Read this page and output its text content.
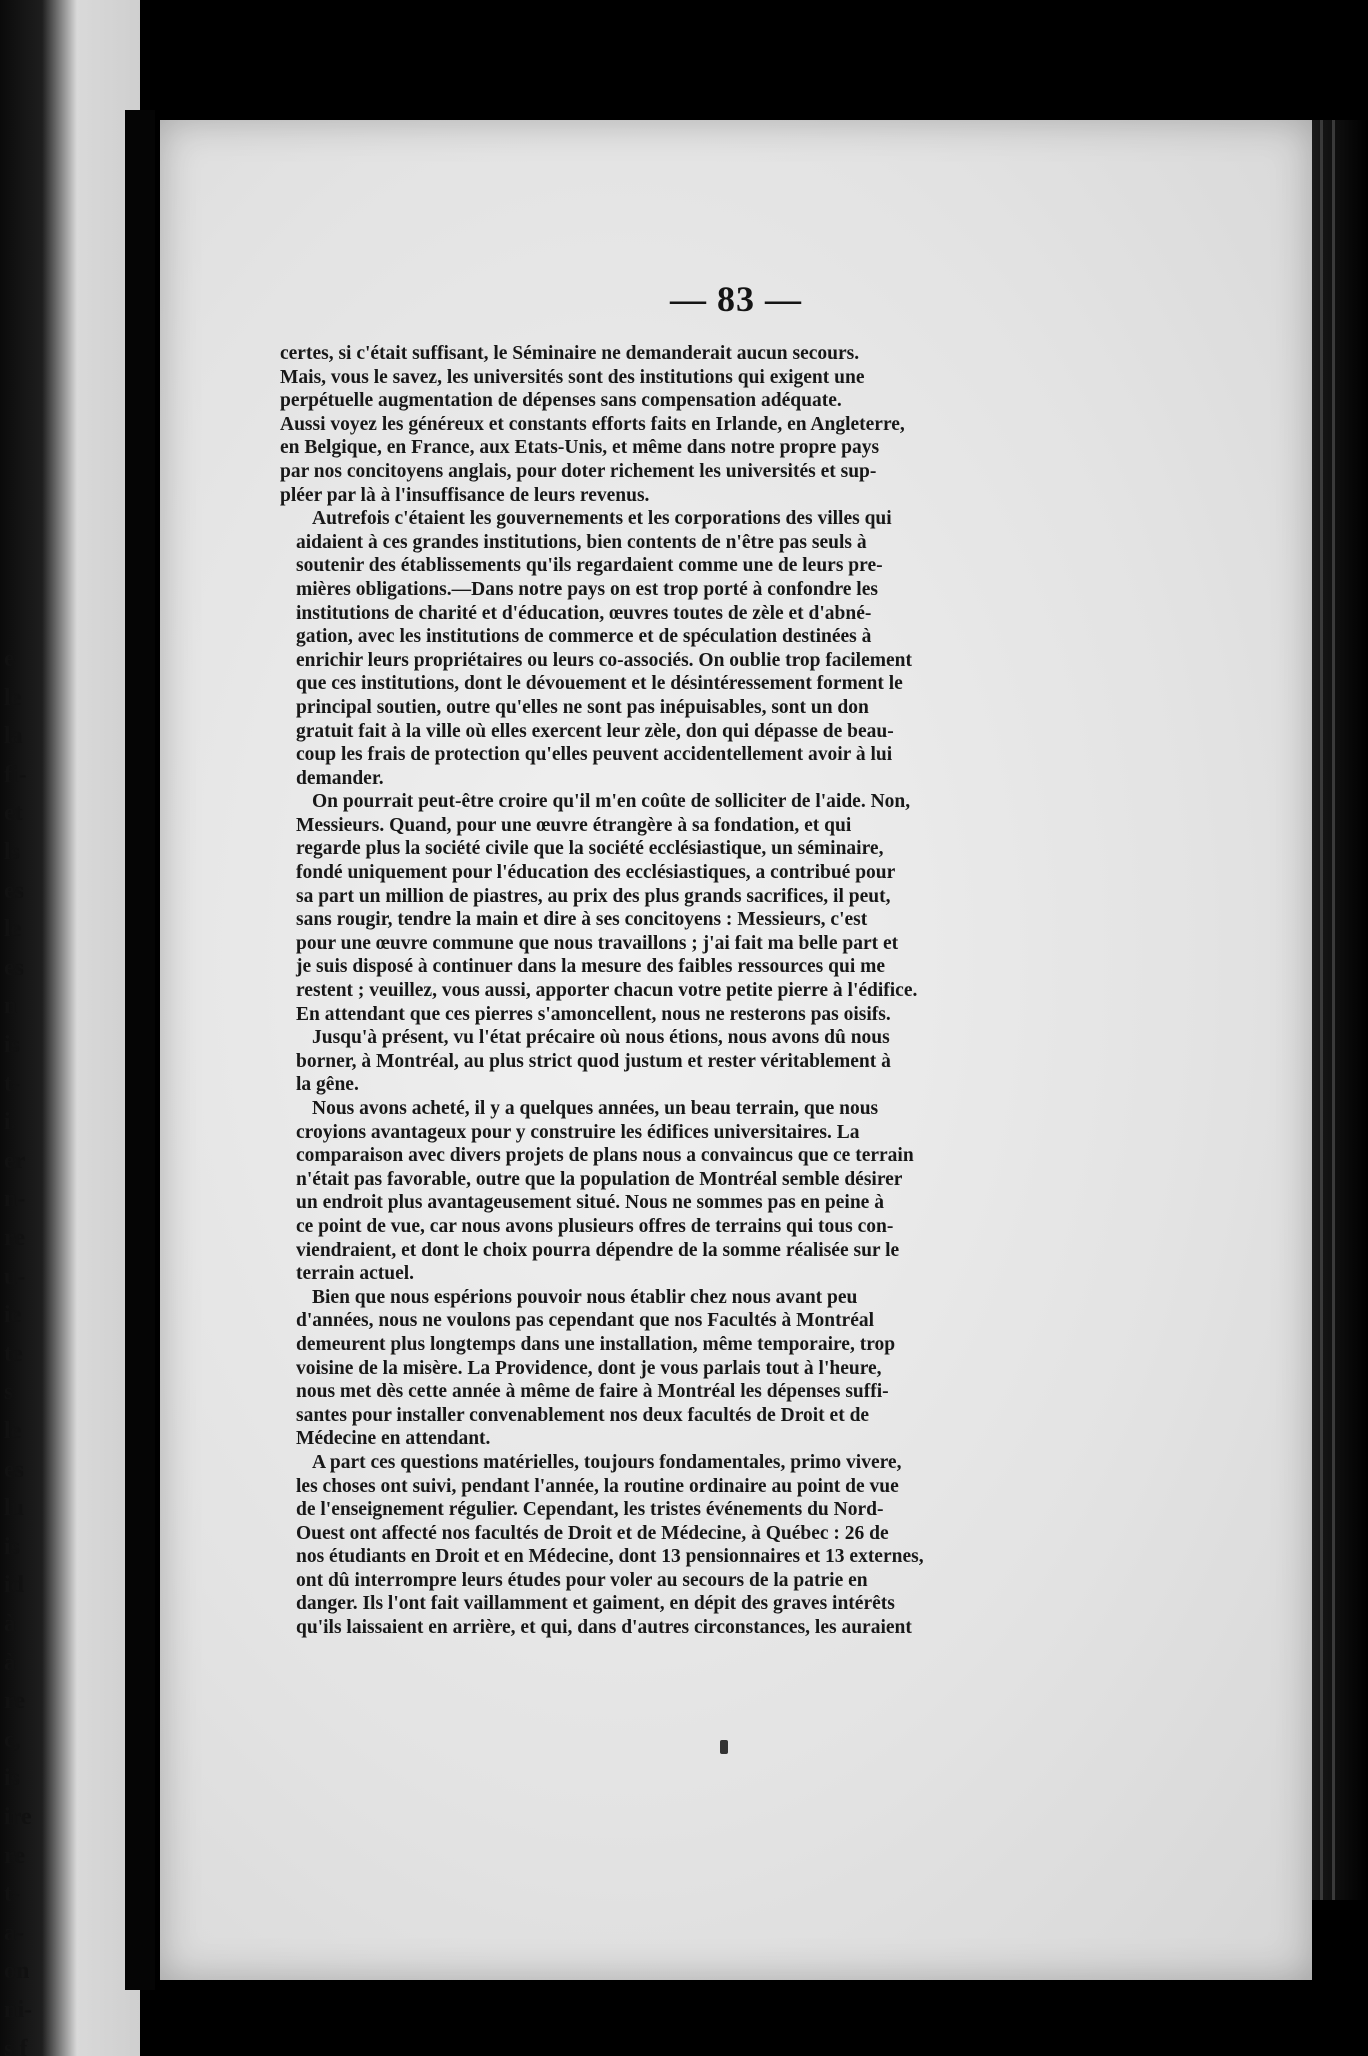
e
le
la
fi-
et
ls
es
le
es
n
is
t-
i.
er
n-
re
u-
ie
te
s
le
es
lu
is
id
à
à
re
c,
is
ire
re
t-
a-
on
ni-
s f
— 83 —

certes, si c'était suffisant, le Séminaire ne demanderait aucun secours.
Mais, vous le savez, les universités sont des institutions qui exigent une
perpétuelle augmentation de dépenses sans compensation adéquate.
Aussi voyez les généreux et constants efforts faits en Irlande, en Angleterre,
en Belgique, en France, aux Etats-Unis, et même dans notre propre pays
par nos concitoyens anglais, pour doter richement les universités et sup-
pléer par là à l'insuffisance de leurs revenus.

Autrefois c'étaient les gouvernements et les corporations des villes qui
aidaient à ces grandes institutions, bien contents de n'être pas seuls à
soutenir des établissements qu'ils regardaient comme une de leurs pre-
mières obligations.—Dans notre pays on est trop porté à confondre les
institutions de charité et d'éducation, œuvres toutes de zèle et d'abné-
gation, avec les institutions de commerce et de spéculation destinées à
enrichir leurs propriétaires ou leurs co-associés. On oublie trop facilement
que ces institutions, dont le dévouement et le désintéressement forment le
principal soutien, outre qu'elles ne sont pas inépuisables, sont un don
gratuit fait à la ville où elles exercent leur zèle, don qui dépasse de beau-
coup les frais de protection qu'elles peuvent accidentellement avoir à lui
demander.

On pourrait peut-être croire qu'il m'en coûte de solliciter de l'aide. Non,
Messieurs. Quand, pour une œuvre étrangère à sa fondation, et qui
regarde plus la société civile que la société ecclésiastique, un séminaire,
fondé uniquement pour l'éducation des ecclésiastiques, a contribué pour
sa part un million de piastres, au prix des plus grands sacrifices, il peut,
sans rougir, tendre la main et dire à ses concitoyens : Messieurs, c'est
pour une œuvre commune que nous travaillons ; j'ai fait ma belle part et
je suis disposé à continuer dans la mesure des faibles ressources qui me
restent ; veuillez, vous aussi, apporter chacun votre petite pierre à l'édifice.
En attendant que ces pierres s'amoncellent, nous ne resterons pas oisifs.

Jusqu'à présent, vu l'état précaire où nous étions, nous avons dû nous
borner, à Montréal, au plus strict quod justum et rester véritablement à
la gêne.

Nous avons acheté, il y a quelques années, un beau terrain, que nous
croyions avantageux pour y construire les édifices universitaires. La
comparaison avec divers projets de plans nous a convaincus que ce terrain
n'était pas favorable, outre que la population de Montréal semble désirer
un endroit plus avantageusement situé. Nous ne sommes pas en peine à
ce point de vue, car nous avons plusieurs offres de terrains qui tous con-
viendraient, et dont le choix pourra dépendre de la somme réalisée sur le
terrain actuel.

Bien que nous espérions pouvoir nous établir chez nous avant peu
d'années, nous ne voulons pas cependant que nos Facultés à Montréal
demeurent plus longtemps dans une installation, même temporaire, trop
voisine de la misère. La Providence, dont je vous parlais tout à l'heure,
nous met dès cette année à même de faire à Montréal les dépenses suffi-
santes pour installer convenablement nos deux facultés de Droit et de
Médecine en attendant.

A part ces questions matérielles, toujours fondamentales, primo vivere,
les choses ont suivi, pendant l'année, la routine ordinaire au point de vue
de l'enseignement régulier. Cependant, les tristes événements du Nord-
Ouest ont affecté nos facultés de Droit et de Médecine, à Québec : 26 de
nos étudiants en Droit et en Médecine, dont 13 pensionnaires et 13 externes,
ont dû interrompre leurs études pour voler au secours de la patrie en
danger. Ils l'ont fait vaillamment et gaiment, en dépit des graves intérêts
qu'ils laissaient en arrière, et qui, dans d'autres circonstances, les auraient
